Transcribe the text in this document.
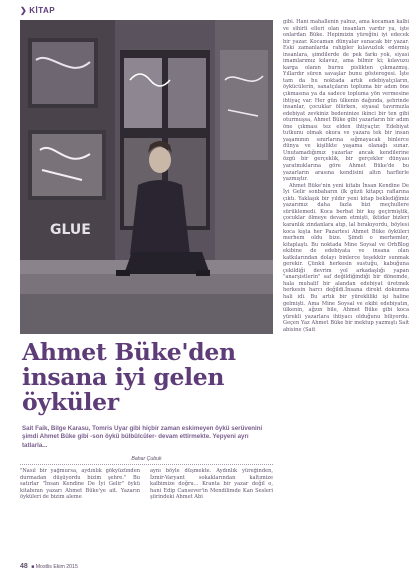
❯ KİTAP
GLUE

gibi. Hani mahallenin yalnız, ama kocaman kalbi ve sihirli elleri olan insanları vardır ya, işte onlardan Büke. Hepimizin yüreğini iyi edecek bir yazar. Kocaman dünyalar sunacak bir yazar. Eski zamanlarda rahipler kılavuzluk edermiş insanlara, şimdilerde de pek farkı yok, siyasi imamlarımız kılavuz, ama bilmir ki; kılavuzu karga olanın burnu pislikten çıkmazmış. Yıllardır süren savaşlar bunu gösteregesi. İşte tam da bu noktada artık edebiyatçıların, öykücülerin, sanatçıların topluma bir adım öne çıkmasına ya da sadece topluma yön vermesine ihtiyaç var. Her gün ülkenin dağında, şehrinde insanlar, çocuklar ölürken, siyasal tavırmızla edebiyat zevkiniz bedeninize ikinci bir ten gibi oturmuşsa, Ahmet Büke gibi yazarların bir adım öne çıkması tez elden ihtiyaçtır. Edebiyat tutkunu olmak okura ve yazara tek bir insan yaşamının sınırlarına sığmayacak binlerce dünya ve kişilikte yaşama olanağı sunar. Unutamadığımız yazarlar ancak kendilerine özgü bir gerçeklik, bir gerçekler dünyası yaratmıklarına göre Ahmet Büke'de bu yazarların arasına kendisini altın harflerle yazmıştır.

Ahmet Büke'nin yeni kitabı İnsan Kendine De İyi Gelir sonbaharın ilk güzü kitapçı raflarına çıktı. Yaklaşık bir yıldır yeni kitap beklediğimiz yazarımız daha fazla bizi meçhullere sürüklemedi. Koca berbat bir kış geçirmiştik, çocuklar ölmeye devam etmişti, iktidar bizleri karanlık zindanlara atıp, lal bırakıyordu, böylesi koca kışta her Pazartesi Ahmet Büke öyküleri merhem oldu bize. Şimdi o merhemler, kitaplaştı. Bu noktada Mine Soysal ve OrbBlog ekibine de edebiyata ve insana olan katkılarından dolayı binlerce teşekkür sunmak gerekir. Çünkü herkesin sustuğu, kabuğuna çekildiği devrim yol arkadaşlığı yapan "anarşistlerin" saf değildiğindiği bir dönemde, hala muhalif bir alandan edebiyat üretmek herkesin harcı değildi.İnsana direkt dokunma hali idi. Bu artık bir yürekliliki işi haline gelmişti. Ama Mine Soysal ve ekibi edebiyatın, ülkenin, ağzın bile, Ahmet Büke gibi koca yürekli yazarlara ihtiyacı olduğunu biliyordu. Geçen Yaz Ahmet Büke bir mektup yazmıştı Sait abisine (Sait

Ahmet Büke'den
insana iyi gelen
öyküler
Sait Faik, Bilge Karasu, Tomris Uyar gibi hiçbir zaman eskimeyen öykü serüvenini şimdi Ahmet Büke gibi -son öykü bülbülcüler- devam ettirmekte. Yepyeni ayrı tatlarla...
Bahar Çubuk
"Nasıl bir yağmursa, aydınlık gökyüzünden durmadan düşüyordu bizim şehre." Bu satırlar "İnsan Kendine De İyi Gelir" öykü kitabının yazarı Ahmet Büke'ye ait. Yazarın öyküleri de bizim aleme
aynı böyle düşmekte. Aydınlık yüreğinden, İzmir-Varyant sokaklarından kaltımize kalbimize doğru... Kranta bir yazar değil o, hani Edip Cansever'in Mendilimde Kan Sesleri şiirindeki Ahmet Abi
48 ■ Mostlis Ekim 2015
